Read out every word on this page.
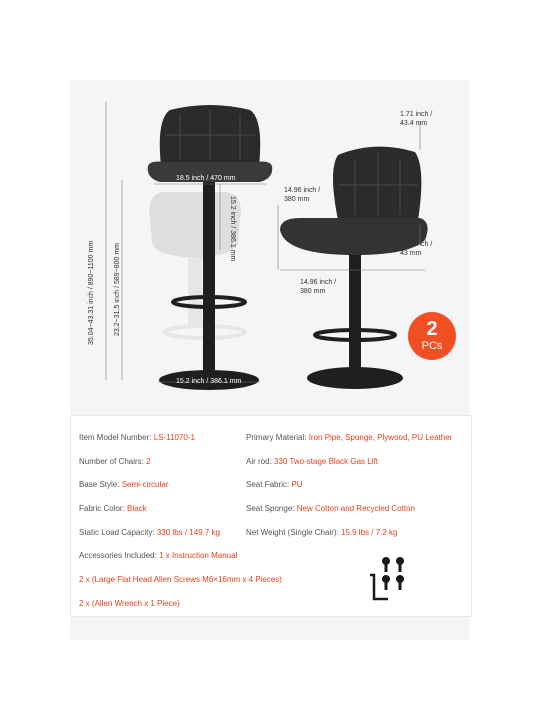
18.5 inch / 470 mm
15.2 inch / 386.1 mm
15.2 inch / 386.1 mm
35.04~43.31 inch / 890~1100 mm	23.2~31.5 inch / 589~800 mm
1.71 inch /
43.4 mm
14.96 inch /
380 mm
1.71 inch /
43 mm
14.96 inch /
380 mm
2
PCs
Item Model Number: LS-11070-1	Primary Material: Iron Pipe, Sponge, Plywood, PU Leather
Number of Chairs: 2	Air rod: 330 Two-stage Black Gas Lift
Base Style: Semi-circular	Seat Fabric: PU
Fabric Color: Black	Seat Sponge: New Cotton and Recycled Cotton
Static Load Capacity: 330 lbs / 149.7 kg	Net Weight (Single Chair): 15.9 lbs / 7.2 kg
Accessories Included: 1 x Instruction Manual
2 x (Large Flat Head Allen Screws M6×16mm x 4 Pieces)
2 x (Allen Wrench x 1 Piece)
